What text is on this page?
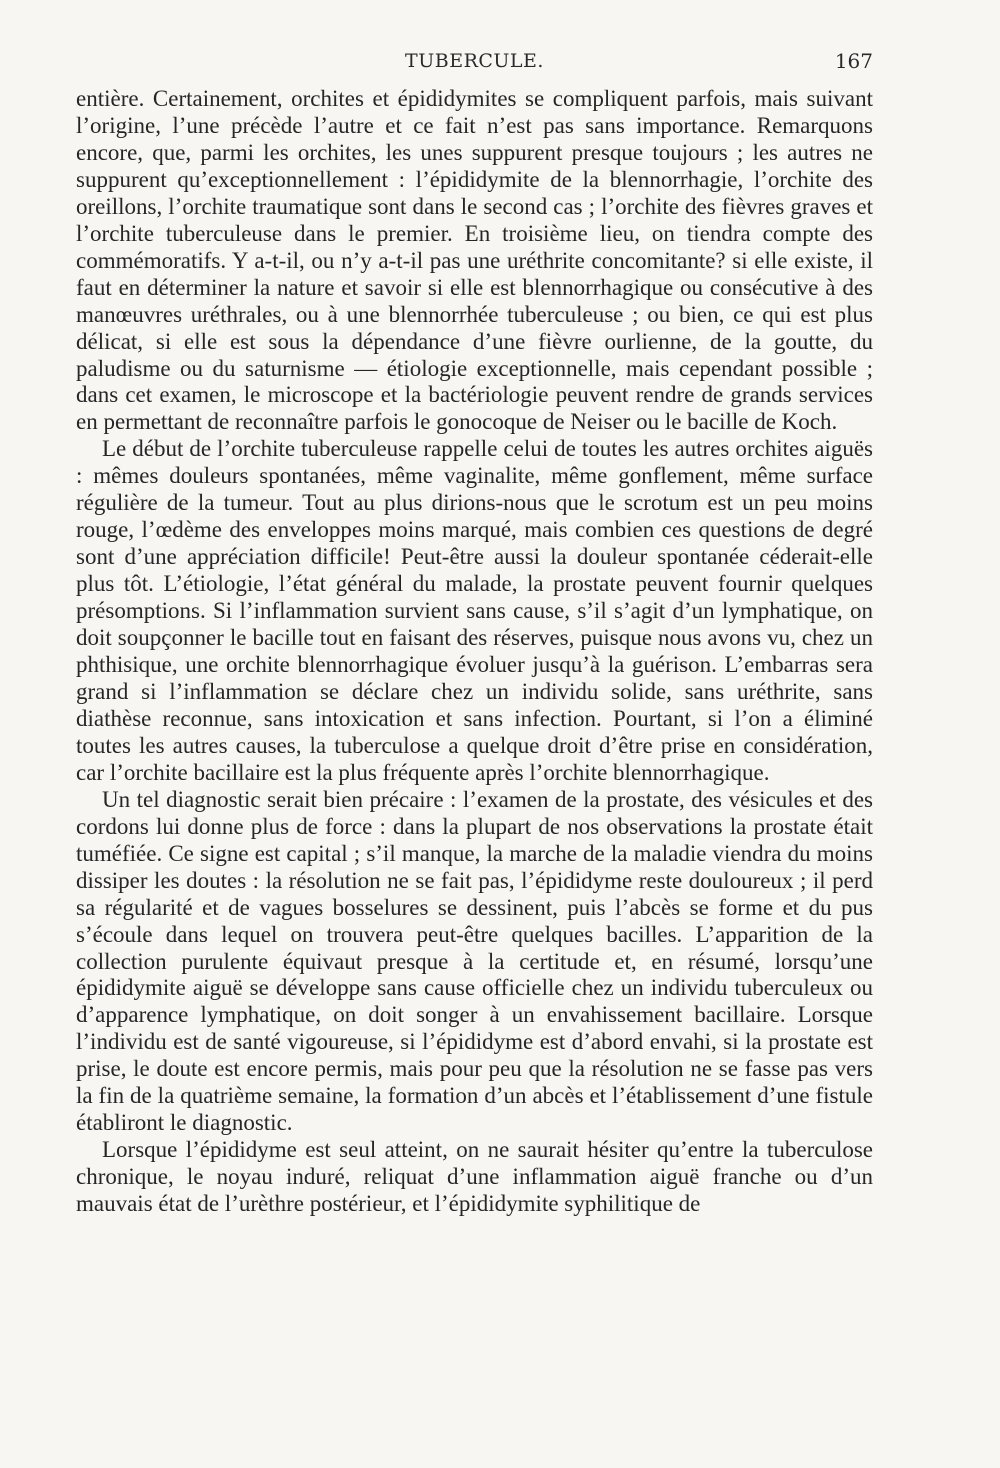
TUBERCULE.	167

entière. Certainement, orchites et épididymites se compliquent parfois, mais suivant l’origine, l’une précède l’autre et ce fait n’est pas sans importance. Remarquons encore, que, parmi les orchites, les unes suppurent presque toujours ; les autres ne suppurent qu’exceptionnellement : l’épididymite de la blennorrhagie, l’orchite des oreillons, l’orchite traumatique sont dans le second cas ; l’orchite des fièvres graves et l’orchite tuberculeuse dans le premier. En troisième lieu, on tiendra compte des commémoratifs. Y a-t-il, ou n’y a-t-il pas une uréthrite concomitante? si elle existe, il faut en déterminer la nature et savoir si elle est blennorrhagique ou consécutive à des manœuvres uréthrales, ou à une blennorrhée tuberculeuse ; ou bien, ce qui est plus délicat, si elle est sous la dépendance d’une fièvre ourlienne, de la goutte, du paludisme ou du saturnisme — étiologie exceptionnelle, mais cependant possible ; dans cet examen, le microscope et la bactériologie peuvent rendre de grands services en permettant de reconnaître parfois le gonocoque de Neiser ou le bacille de Koch.

Le début de l’orchite tuberculeuse rappelle celui de toutes les autres orchites aiguës : mêmes douleurs spontanées, même vaginalite, même gonflement, même surface régulière de la tumeur. Tout au plus dirions-nous que le scrotum est un peu moins rouge, l’œdème des enveloppes moins marqué, mais combien ces questions de degré sont d’une appréciation difficile! Peut-être aussi la douleur spontanée céderait-elle plus tôt. L’étiologie, l’état général du malade, la prostate peuvent fournir quelques présomptions. Si l’inflammation survient sans cause, s’il s’agit d’un lymphatique, on doit soupçonner le bacille tout en faisant des réserves, puisque nous avons vu, chez un phthisique, une orchite blennorrhagique évoluer jusqu’à la guérison. L’embarras sera grand si l’inflammation se déclare chez un individu solide, sans uréthrite, sans diathèse reconnue, sans intoxication et sans infection. Pourtant, si l’on a éliminé toutes les autres causes, la tuberculose a quelque droit d’être prise en considération, car l’orchite bacillaire est la plus fréquente après l’orchite blennorrhagique.

Un tel diagnostic serait bien précaire : l’examen de la prostate, des vésicules et des cordons lui donne plus de force : dans la plupart de nos observations la prostate était tuméfiée. Ce signe est capital ; s’il manque, la marche de la maladie viendra du moins dissiper les doutes : la résolution ne se fait pas, l’épididyme reste douloureux ; il perd sa régularité et de vagues bosselures se dessinent, puis l’abcès se forme et du pus s’écoule dans lequel on trouvera peut-être quelques bacilles. L’apparition de la collection purulente équivaut presque à la certitude et, en résumé, lorsqu’une épididymite aiguë se développe sans cause officielle chez un individu tuberculeux ou d’apparence lymphatique, on doit songer à un envahissement bacillaire. Lorsque l’individu est de santé vigoureuse, si l’épididyme est d’abord envahi, si la prostate est prise, le doute est encore permis, mais pour peu que la résolution ne se fasse pas vers la fin de la quatrième semaine, la formation d’un abcès et l’établissement d’une fistule établiront le diagnostic.

Lorsque l’épididyme est seul atteint, on ne saurait hésiter qu’entre la tuberculose chronique, le noyau induré, reliquat d’une inflammation aiguë franche ou d’un mauvais état de l’urèthre postérieur, et l’épididymite syphilitique de
